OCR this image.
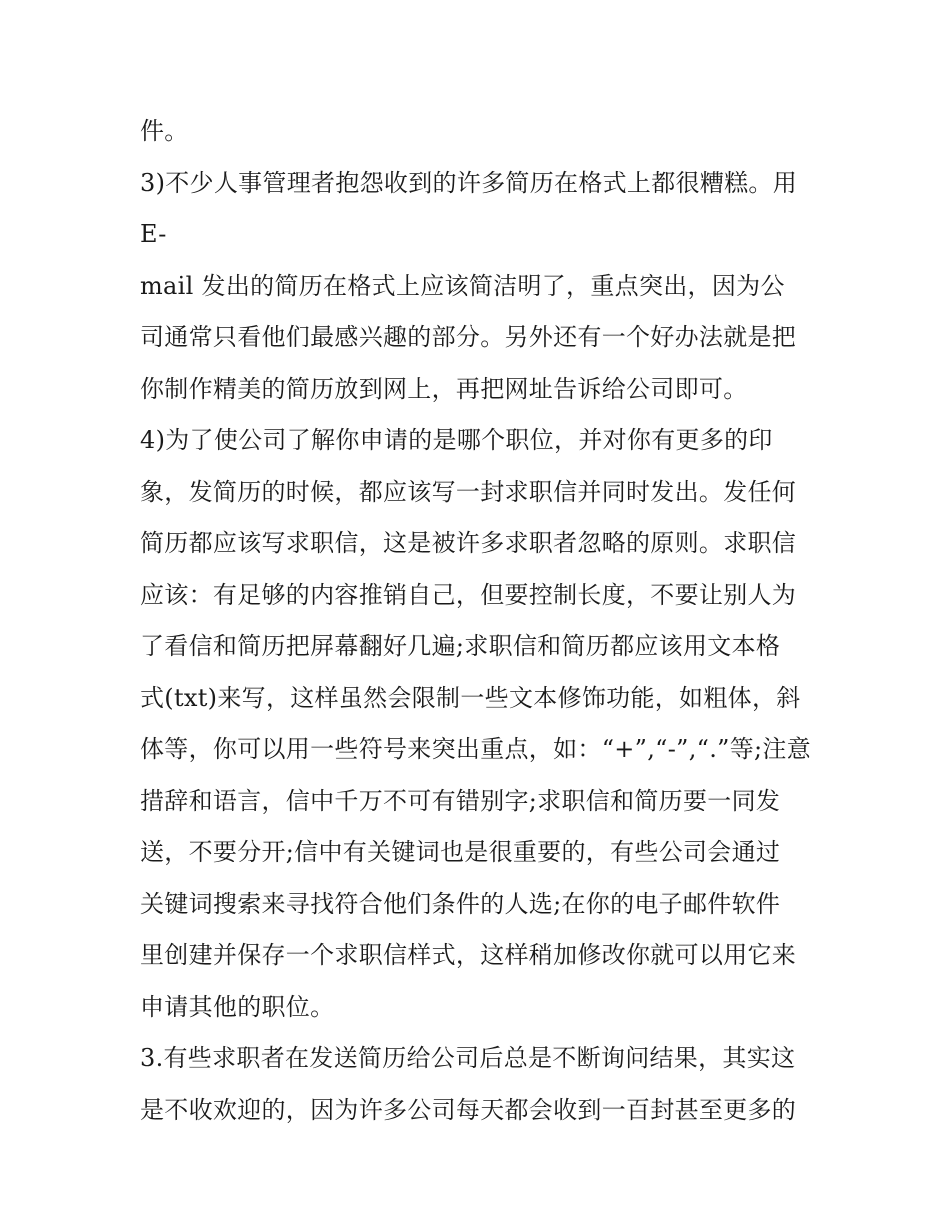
件。
3)不少人事管理者抱怨收到的许多简历在格式上都很糟糕。用
E-
mail 发出的简历在格式上应该简洁明了，重点突出，因为公
司通常只看他们最感兴趣的部分。另外还有一个好办法就是把
你制作精美的简历放到网上，再把网址告诉给公司即可。
4)为了使公司了解你申请的是哪个职位，并对你有更多的印
象，发简历的时候，都应该写一封求职信并同时发出。发任何
简历都应该写求职信，这是被许多求职者忽略的原则。求职信
应该：有足够的内容推销自己，但要控制长度，不要让别人为
了看信和简历把屏幕翻好几遍;求职信和简历都应该用文本格
式(txt)来写，这样虽然会限制一些文本修饰功能，如粗体，斜
体等，你可以用一些符号来突出重点，如：“+”,“-”,“.”等;注意
措辞和语言，信中千万不可有错别字;求职信和简历要一同发
送，不要分开;信中有关键词也是很重要的，有些公司会通过
关键词搜索来寻找符合他们条件的人选;在你的电子邮件软件
里创建并保存一个求职信样式，这样稍加修改你就可以用它来
申请其他的职位。
3.有些求职者在发送简历给公司后总是不断询问结果，其实这
是不收欢迎的，因为许多公司每天都会收到一百封甚至更多的
